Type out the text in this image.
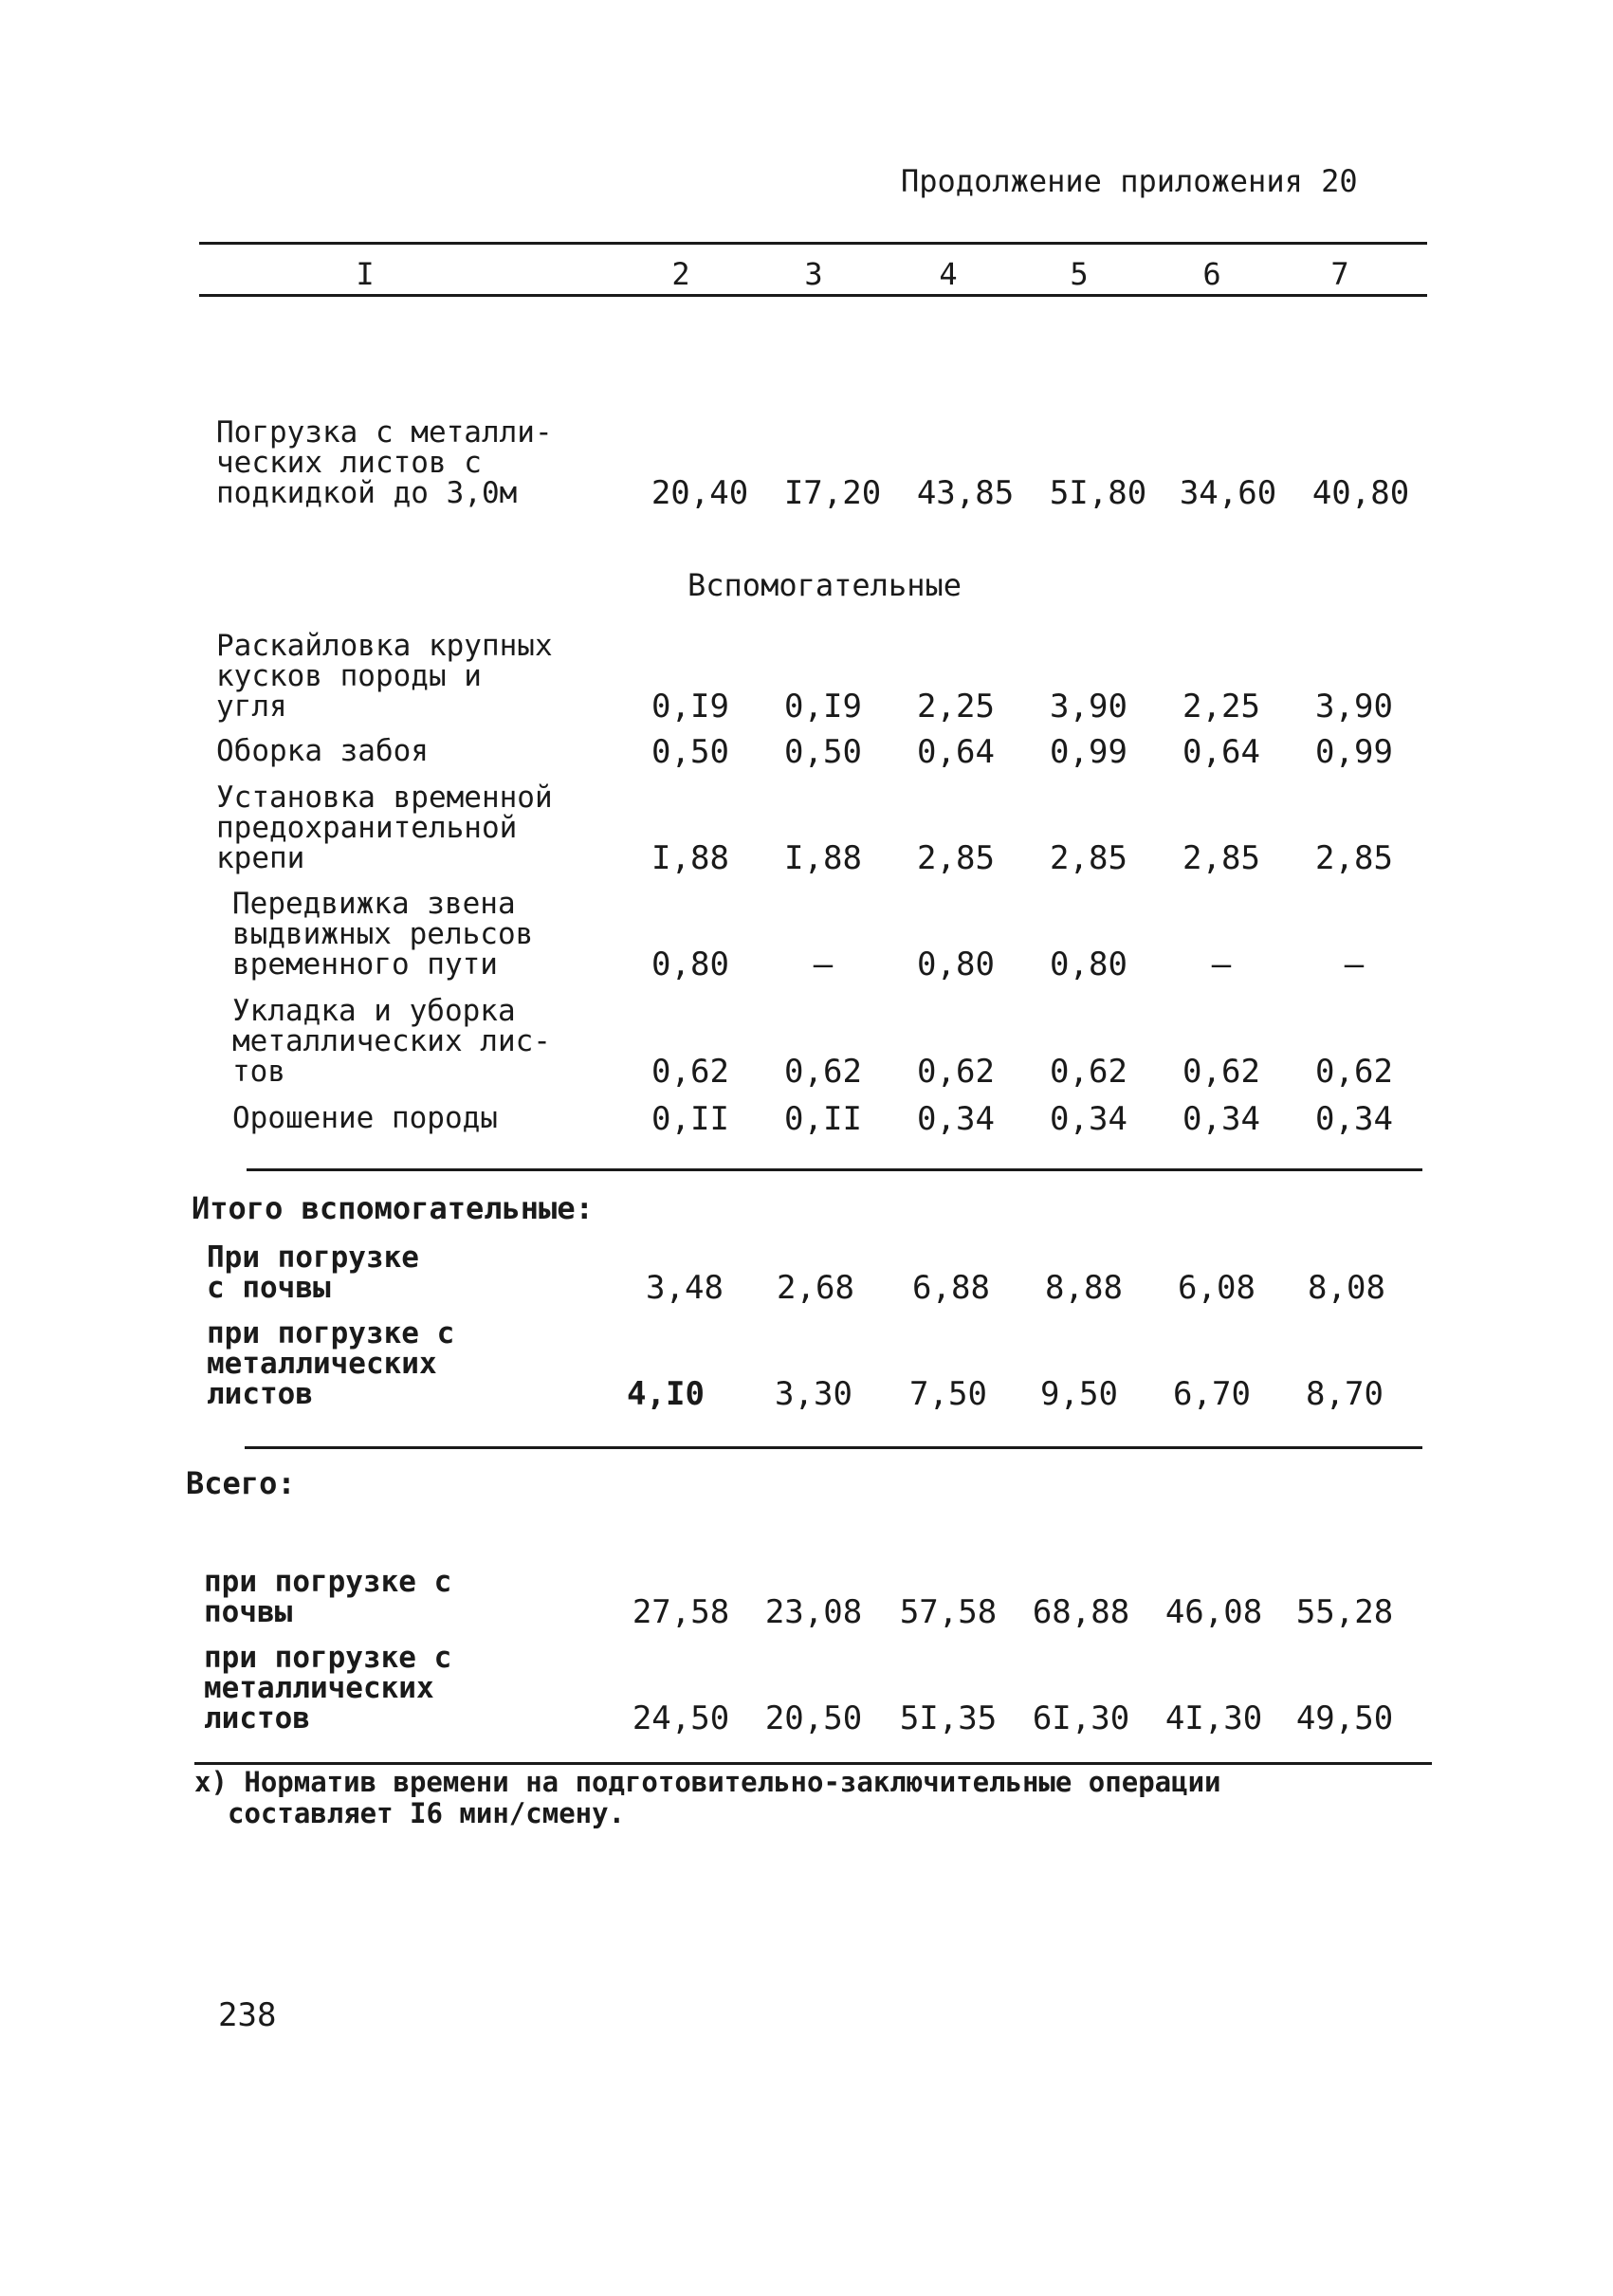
Продолжение приложения 20
I	2	3	4	5	6	7
Погрузка с металли-
ческих листов с
подкидкой до 3,0м	20,40 I7,20 43,85 5I,80 34,60 40,80
Вспомогательные
Раскайловка крупных
кусков породы и
угля	0,I9	0,I9	2,25	3,90	2,25	3,90
Оборка забоя	0,50	0,50	0,64	0,99	0,64	0,99
Установка временной
предохранительной
крепи	I,88	I,88	2,85	2,85	2,85	2,85
Передвижка звена
выдвижных рельсов
временного пути	0,80	–	0,80	0,80	–	–
Укладка и уборка
металлических лис-
тов	0,62	0,62	0,62	0,62	0,62	0,62
Орошение породы	0,II	0,II	0,34	0,34	0,34	0,34
Итого вспомогательные:
При погрузке
с почвы	3,48	2,68	6,88	8,88	6,08	8,08
при погрузке с
металлических
листов	4,I0	3,30	7,50	9,50	6,70	8,70
Всего:
при погрузке с
почвы	27,58 23,08 57,58 68,88 46,08 55,28
при погрузке с
металлических
листов	24,50 20,50 5I,35 6I,30 4I,30 49,50
х) Норматив времени на подготовительно-заключительные операции
составляет I6 мин/смену.
238
